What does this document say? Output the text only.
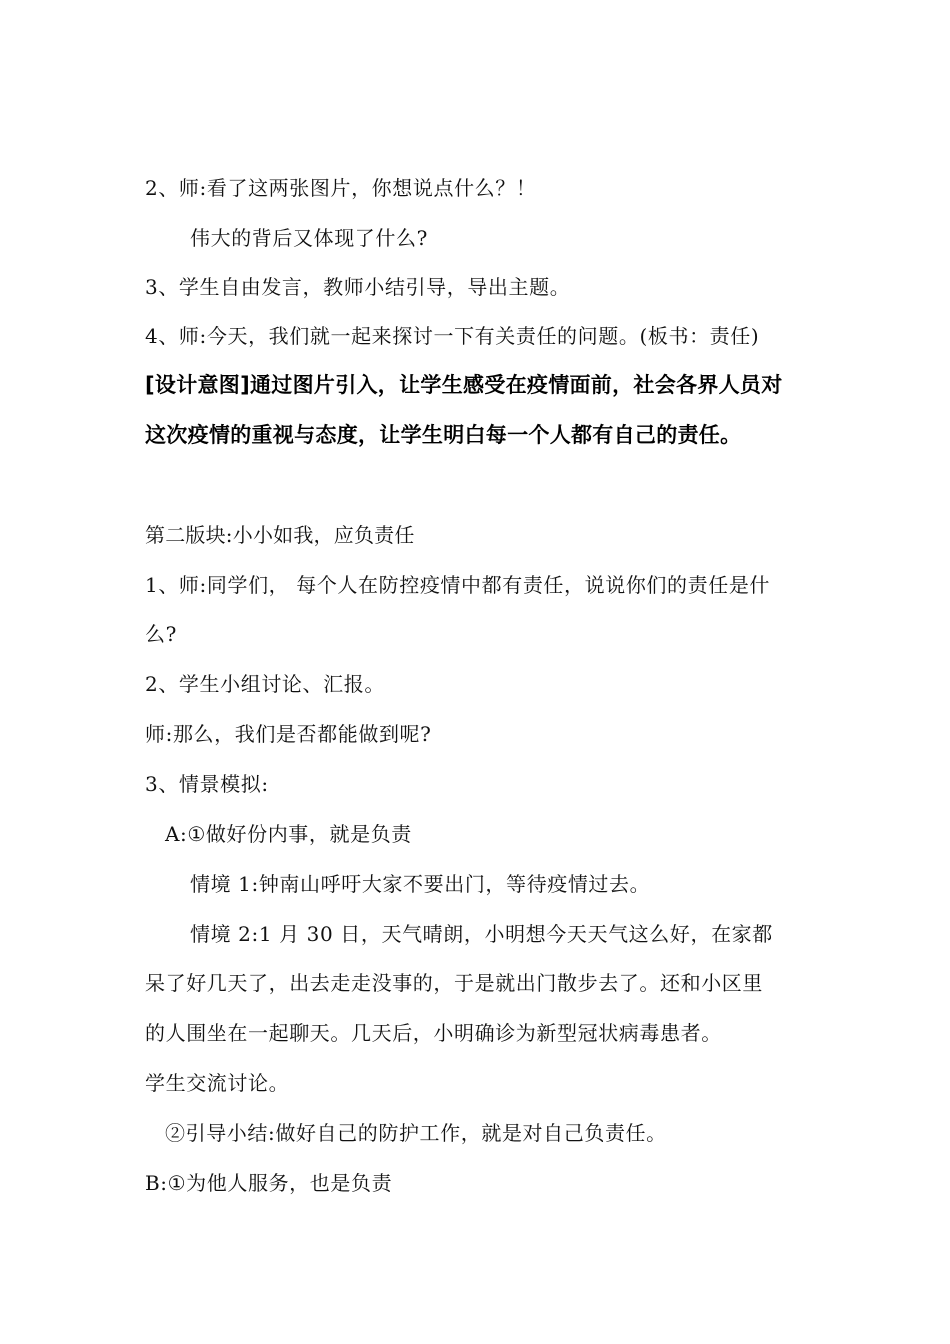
2、师:看了这两张图片，你想说点什么？！
伟大的背后又体现了什么?
3、学生自由发言，教师小结引导，导出主题。
4、师:今天，我们就一起来探讨一下有关责任的问题。(板书：责任)
[设计意图]通过图片引入，让学生感受在疫情面前，社会各界人员对
这次疫情的重视与态度，让学生明白每一个人都有自己的责任。
第二版块:小小如我，应负责任
1、师:同学们， 每个人在防控疫情中都有责任，说说你们的责任是什
么?
2、学生小组讨论、汇报。
师:那么，我们是否都能做到呢?
3、情景模拟:
A:①做好份内事，就是负责
情境 1:钟南山呼吁大家不要出门，等待疫情过去。
情境 2:1 月 30 日，天气晴朗，小明想今天天气这么好，在家都
呆了好几天了，出去走走没事的，于是就出门散步去了。还和小区里
的人围坐在一起聊天。几天后，小明确诊为新型冠状病毒患者。
学生交流讨论。
②引导小结:做好自己的防护工作，就是对自己负责任。
B:①为他人服务，也是负责
